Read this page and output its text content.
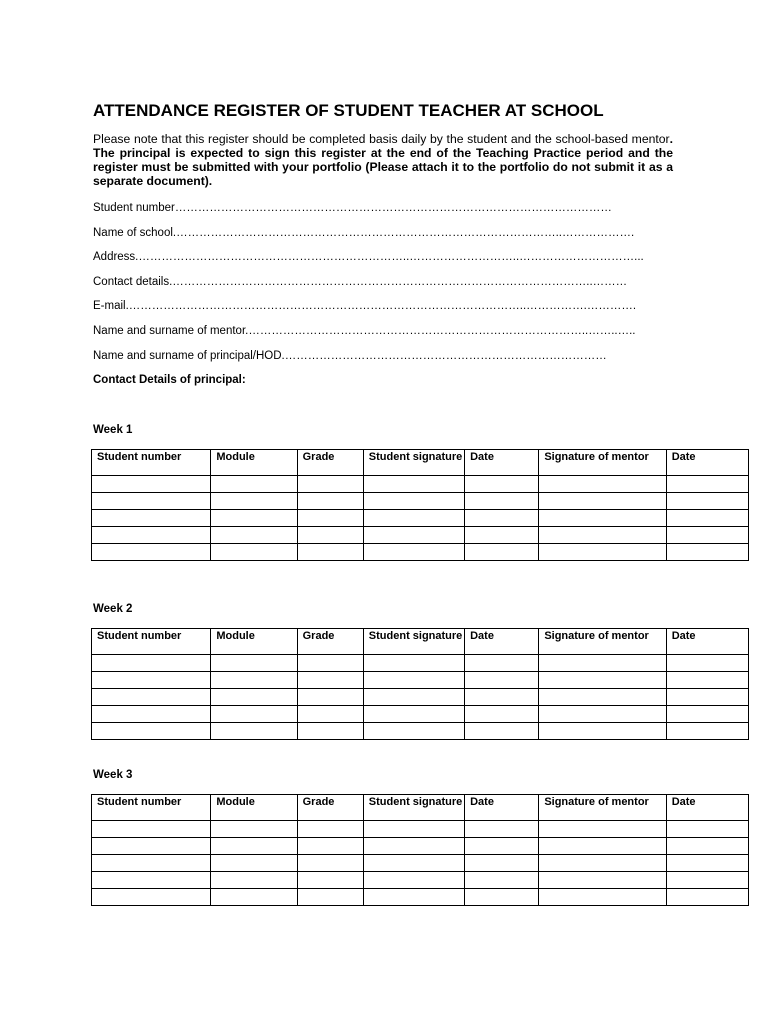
ATTENDANCE REGISTER OF STUDENT TEACHER AT SCHOOL

Please note that this register should be completed basis daily by the student and the school-based mentor. The principal is expected to sign this register at the end of the Teaching Practice period and the register must be submitted with your portfolio (Please attach it to the portfolio do not submit it as a separate document).

Student number……………………………………………………………………………………………………
Name of school.………………………………………………………………………………………..……………….
Address.……………………………………………………………..………………………..…………………………...
Contact details.………………………………………………………………………………………………..………
E-mail.…………………………………………………………………………………………..…………….………….
Name and surname of mentor.……………………………………………………………………………..……..…..
Name and surname of principal/HOD.…………………………………………………………………………
Contact Details of principal:
Week 1
Student number	Module	Grade	Student signature	Date	Signature of mentor	Date

Week 2
Student number	Module	Grade	Student signature	Date	Signature of mentor	Date

Week 3
Student number	Module	Grade	Student signature	Date	Signature of mentor	Date
